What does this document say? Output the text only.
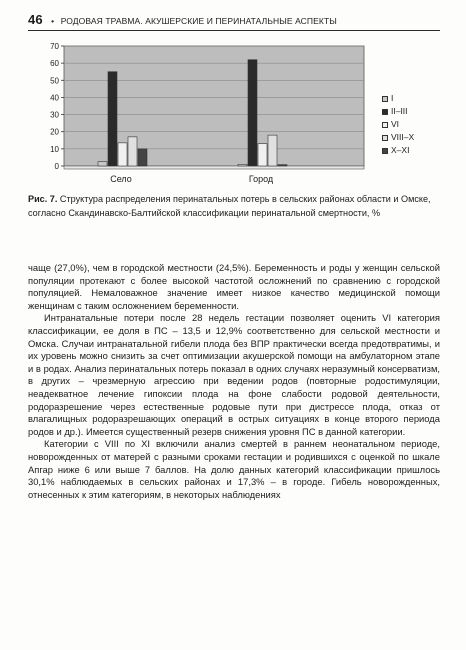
46 • РОДОВАЯ ТРАВМА. АКУШЕРСКИЕ И ПЕРИНАТАЛЬНЫЕ АСПЕКТЫ
0
10
20
30
40
50
60
70
Село	Город
I
II–III
VI
VIII–X
X–XI
Рис. 7. Структура распределения перинатальных потерь в сельских районах области и Омске, согласно Скандинавско-Балтийской классификации перинатальной смертности, %

чаще (27,0%), чем в городской местности (24,5%). Беременность и роды у женщин сельской популяции протекают с более высокой частотой осложнений по сравнению с городской популяцией. Немаловажное значение имеет низкое качество медицинской помощи женщинам с таким осложнением беременности.

Интранатальные потери после 28 недель гестации позволяет оценить VI категория классификации, ее доля в ПС – 13,5 и 12,9% соответственно для сельской местности и Омска. Случаи интранатальной гибели плода без ВПР практически всегда предотвратимы, и их уровень можно снизить за счет оптимизации акушерской помощи на амбулаторном этапе и в родах. Анализ перинатальных потерь показал в одних случаях неразумный консерватизм, в других – чрезмерную агрессию при ведении родов (повторные родостимуляции, неадекватное лечение гипоксии плода на фоне слабости родовой деятельности, родоразрешение через естественные родовые пути при дистрессе плода, отказ от влагалищных родоразрешающих операций в острых ситуациях в конце второго периода родов и др.). Имеется существенный резерв снижения уровня ПС в данной категории.

Категории с VIII по XI включили анализ смертей в раннем неонатальном периоде, новорожденных от матерей с разными сроками гестации и родившихся с оценкой по шкале Апгар ниже 6 или выше 7 баллов. На долю данных категорий классификации пришлось 30,1% наблюдаемых в сельских районах и 17,3% – в городе. Гибель новорожденных, отнесенных к этим категориям, в некоторых наблюдениях
